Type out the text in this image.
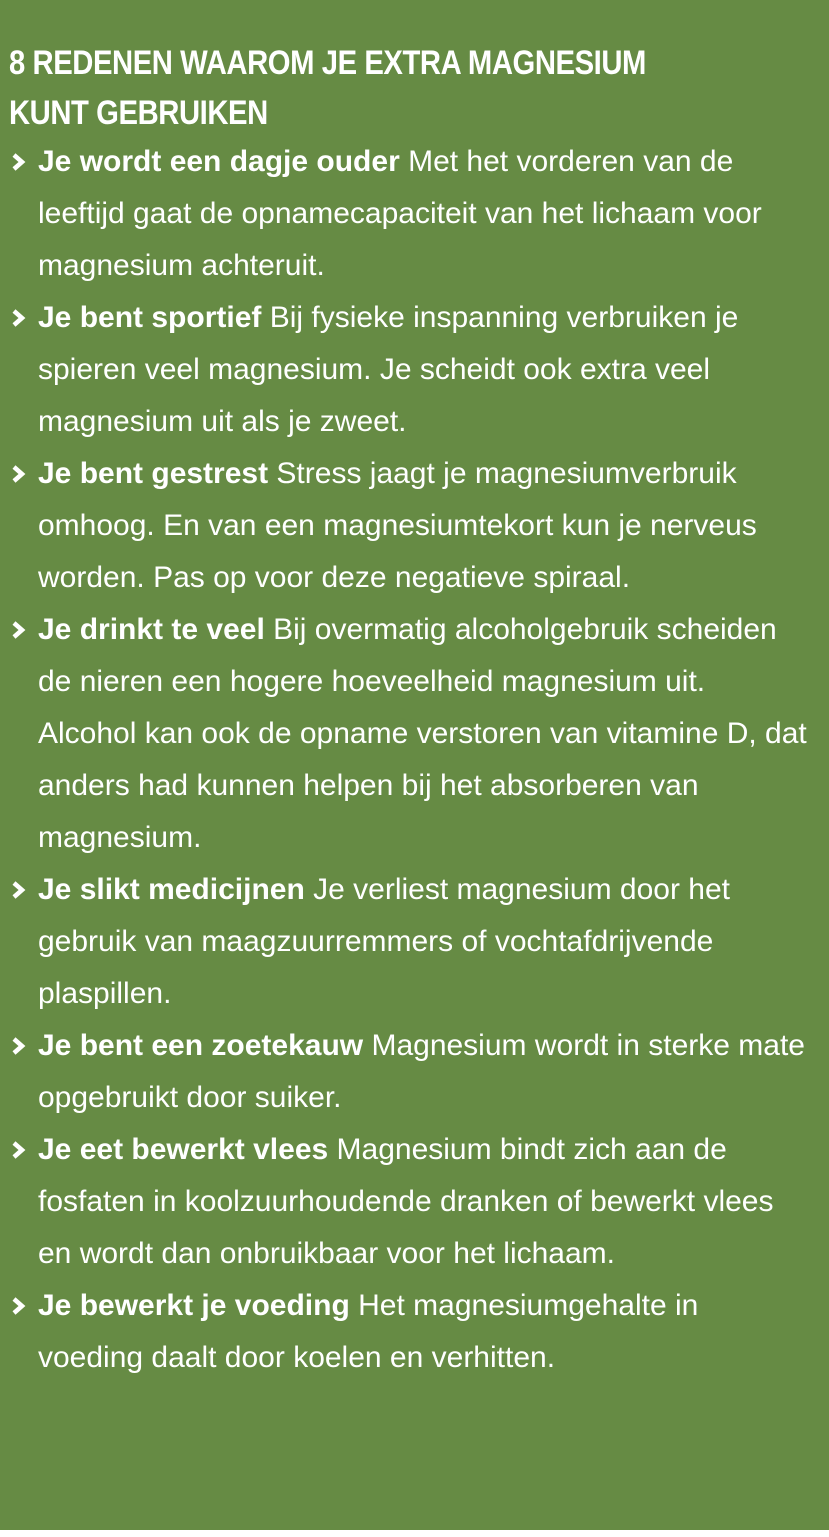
8 REDENEN WAAROM JE EXTRA MAGNESIUM
KUNT GEBRUIKEN
Je wordt een dagje ouder Met het vorderen van de leeftijd gaat de opnamecapaciteit van het lichaam voor magnesium achteruit.
Je bent sportief Bij fysieke inspanning verbruiken je spieren veel magnesium. Je scheidt ook extra veel magnesium uit als je zweet.
Je bent gestrest Stress jaagt je magnesiumverbruik omhoog. En van een magnesiumtekort kun je nerveus worden. Pas op voor deze negatieve spiraal.
Je drinkt te veel Bij overmatig alcoholgebruik scheiden de nieren een hogere hoeveelheid magnesium uit. Alcohol kan ook de opname verstoren van vitamine D, dat anders had kunnen helpen bij het absorberen van magnesium.
Je slikt medicijnen Je verliest magnesium door het gebruik van maagzuurremmers of vochtafdrijvende plaspillen.
Je bent een zoetekauw Magnesium wordt in sterke mate opgebruikt door suiker.
Je eet bewerkt vlees Magnesium bindt zich aan de fosfaten in koolzuurhoudende dranken of bewerkt vlees en wordt dan onbruikbaar voor het lichaam.
Je bewerkt je voeding Het magnesiumgehalte in voeding daalt door koelen en verhitten.
